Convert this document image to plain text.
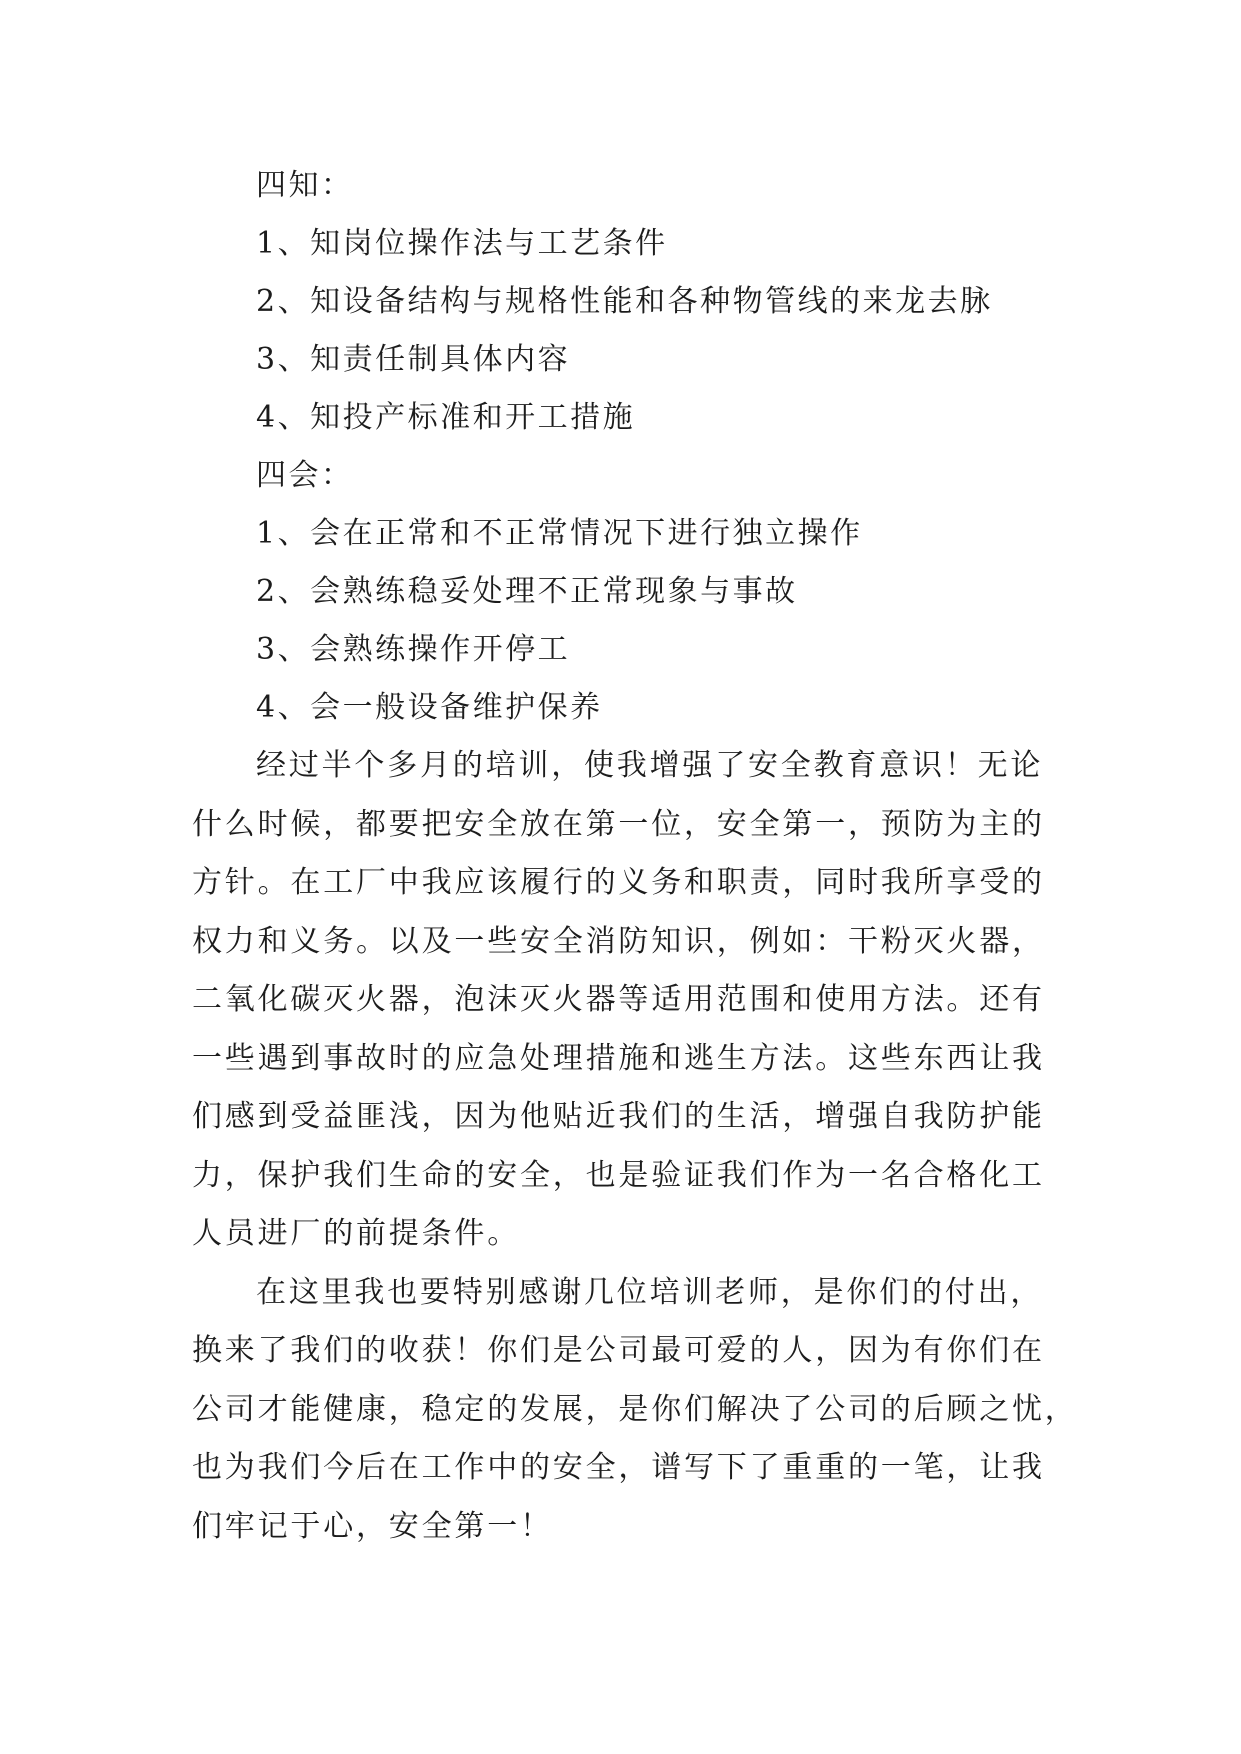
四知：
1、知岗位操作法与工艺条件
2、知设备结构与规格性能和各种物管线的来龙去脉
3、知责任制具体内容
4、知投产标准和开工措施
四会：
1、会在正常和不正常情况下进行独立操作
2、会熟练稳妥处理不正常现象与事故
3、会熟练操作开停工
4、会一般设备维护保养

经过半个多月的培训，使我增强了安全教育意识！无论
什么时候，都要把安全放在第一位，安全第一，预防为主的
方针。在工厂中我应该履行的义务和职责，同时我所享受的
权力和义务。以及一些安全消防知识，例如：干粉灭火器，
二氧化碳灭火器，泡沫灭火器等适用范围和使用方法。还有
一些遇到事故时的应急处理措施和逃生方法。这些东西让我
们感到受益匪浅，因为他贴近我们的生活，增强自我防护能
力，保护我们生命的安全，也是验证我们作为一名合格化工
人员进厂的前提条件。

在这里我也要特别感谢几位培训老师，是你们的付出，
换来了我们的收获！你们是公司最可爱的人，因为有你们在
公司才能健康，稳定的发展，是你们解决了公司的后顾之忧，
也为我们今后在工作中的安全，谱写下了重重的一笔，让我
们牢记于心，安全第一！
